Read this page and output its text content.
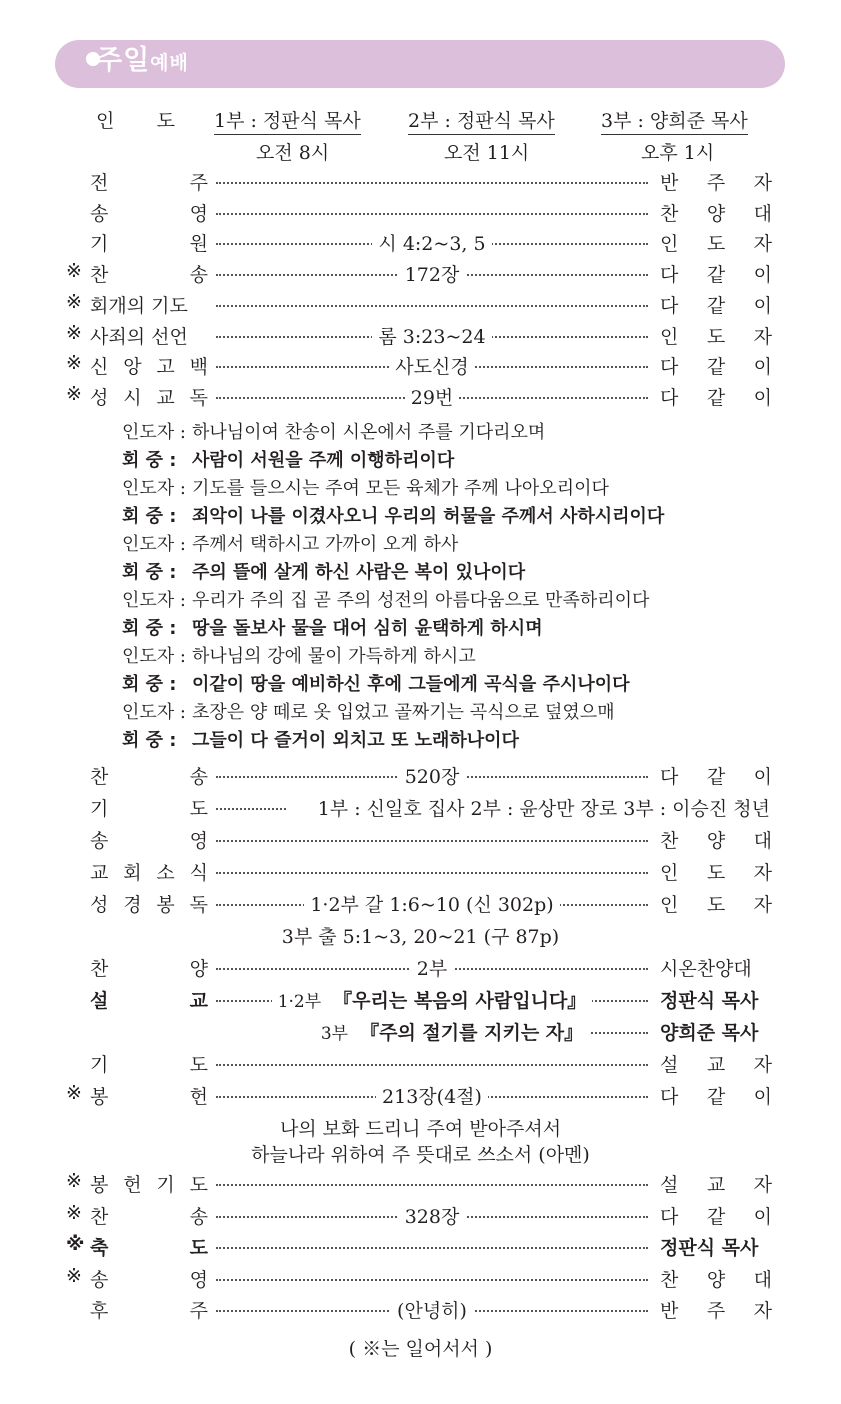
주일예배
인       도 1부 : 정판식 목사 2부 : 정판식 목사 3부 : 양희준 목사
오전 8시	오전 11시	오후 1시
전	주	반 주 자
송	영	찬 양 대
기	원	시 4:2~3, 5	인 도 자
※ 찬	송	172장	다 같 이
※ 회개의 기도	다 같 이
※ 사죄의 선언	롬 3:23~24	인 도 자
※ 신 앙 고 백	사도신경	다 같 이
※ 성 시 교 독	29번	다 같 이
인도자 : 하나님이여 찬송이 시온에서 주를 기다리오며
회 중 : 사람이 서원을 주께 이행하리이다
인도자 : 기도를 들으시는 주여 모든 육체가 주께 나아오리이다
회 중 : 죄악이 나를 이겼사오니 우리의 허물을 주께서 사하시리이다
인도자 : 주께서 택하시고 가까이 오게 하사
회 중 : 주의 뜰에 살게 하신 사람은 복이 있나이다
인도자 : 우리가 주의 집 곧 주의 성전의 아름다움으로 만족하리이다
회 중 : 땅을 돌보사 물을 대어 심히 윤택하게 하시며
인도자 : 하나님의 강에 물이 가득하게 하시고
회 중 : 이같이 땅을 예비하신 후에 그들에게 곡식을 주시나이다
인도자 : 초장은 양 떼로 옷 입었고 골짜기는 곡식으로 덮였으매
회 중 : 그들이 다 즐거이 외치고 또 노래하나이다
찬	송	520장	다 같 이
기	도	1부 : 신일호 집사 2부 : 윤상만 장로 3부 : 이승진 청년
송	영	찬 양 대
교 회 소 식	인 도 자
성 경 봉 독	1·2부 갈 1:6~10 (신 302p)	인 도 자
3부 출 5:1~3, 20~21 (구 87p)
찬	양	2부	시온찬양대
설	교	1·2부 『우리는 복음의 사람입니다』	정판식 목사
3부 『주의 절기를 지키는 자』	양희준 목사
기	도	설 교 자
※ 봉	헌	213장(4절)	다 같 이
나의 보화 드리니 주여 받아주셔서
하늘나라 위하여 주 뜻대로 쓰소서 (아멘)
※ 봉 헌 기 도	설 교 자
※ 찬	송	328장	다 같 이
※ 축	도	정판식 목사
※ 송	영	찬 양 대
후	주	(안녕히)	반 주 자
( ※는 일어서서 )
